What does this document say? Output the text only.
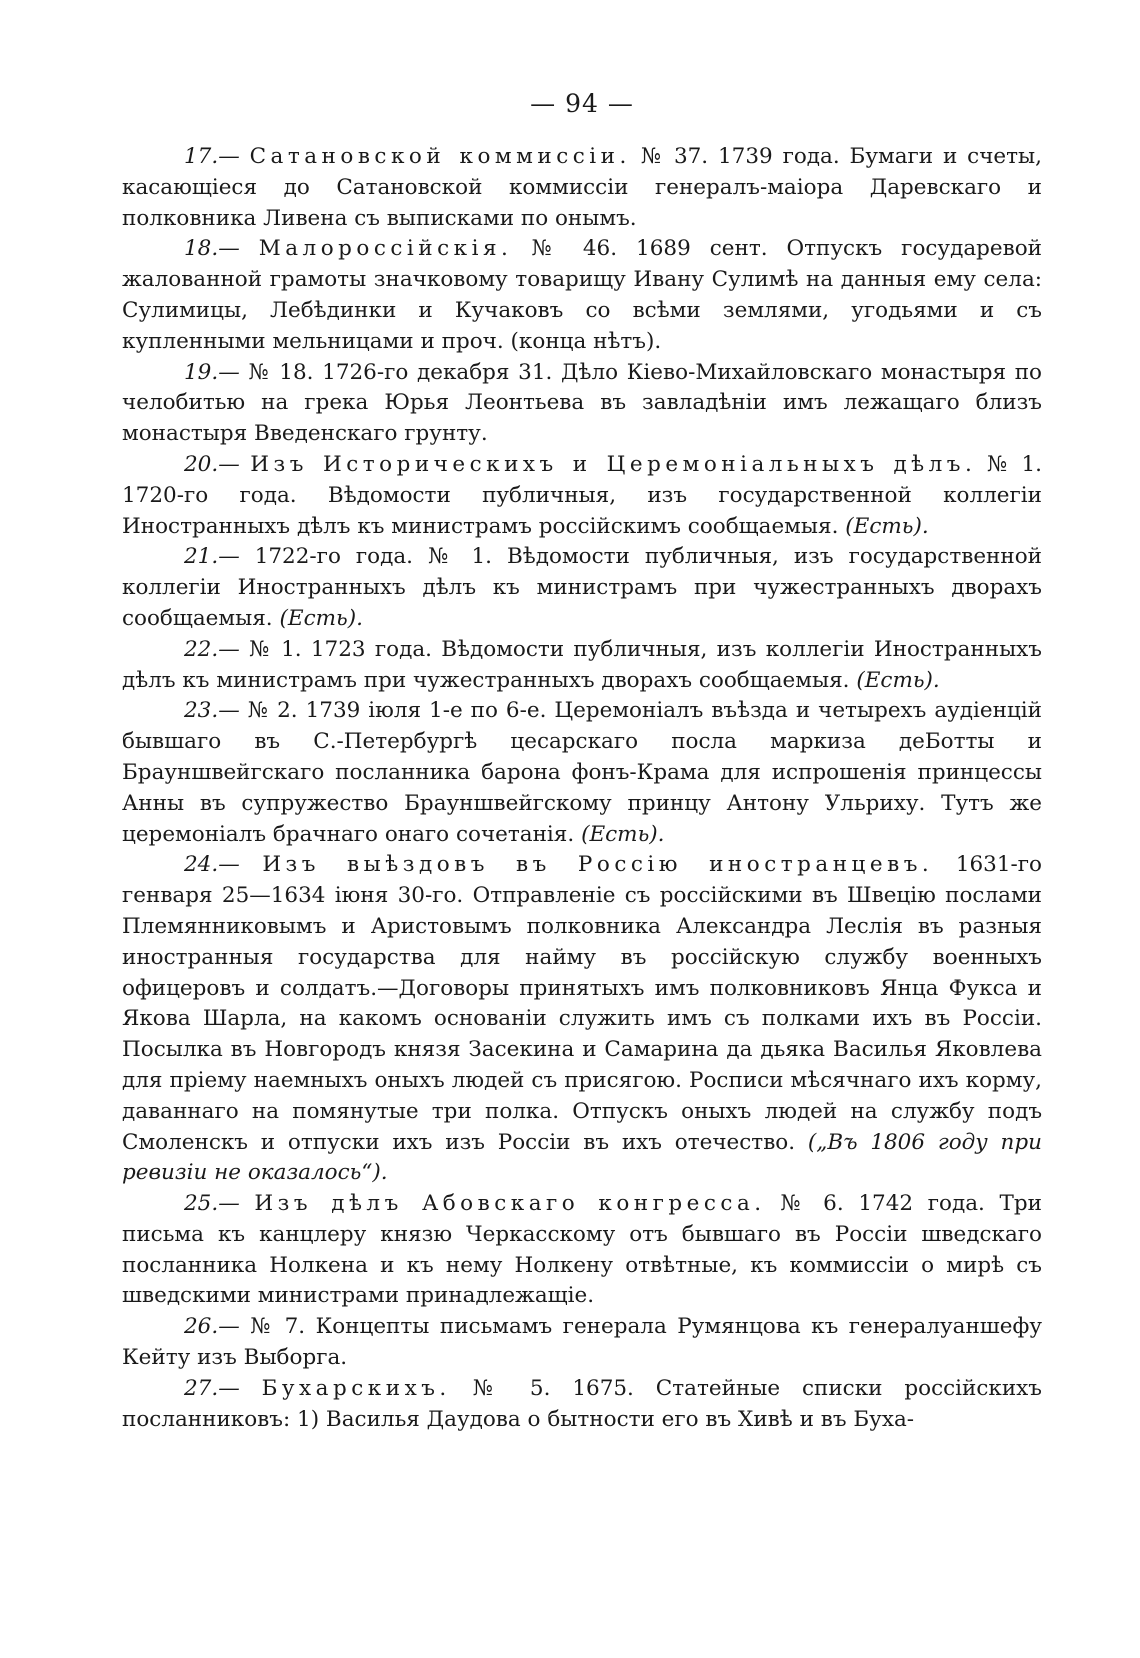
— 94 —

17.— Сатановской коммиссiи. № 37. 1739 года. Бумаги и счеты, касающiеся до Сатановской коммиссiи генералъ-маiора Даревскаго и полковника Ливена съ выписками по онымъ.

18.— Малороссiйскiя. № 46. 1689 сент. Отпускъ государевой жалованной грамоты значковому товарищу Ивану Сулимѣ на данныя ему села: Сулимицы, Лебѣдинки и Кучаковъ со всѣми землями, угодьями и съ купленными мельницами и проч. (конца нѣтъ).

19.— № 18. 1726-го декабря 31. Дѣло Кiево-Михайловскаго монастыря по челобитью на грека Юрья Леонтьева въ завладѣнiи имъ лежащаго близъ монастыря Введенскаго грунту.

20.— Изъ Историческихъ и Церемонiальныхъ дѣлъ. № 1. 1720-го года. Вѣдомости публичныя, изъ государственной коллегiи Иностранныхъ дѣлъ къ министрамъ россiйскимъ сообщаемыя. (Есть).

21.— 1722-го года. № 1. Вѣдомости публичныя, изъ государственной коллегiи Иностранныхъ дѣлъ къ министрамъ при чужестранныхъ дворахъ сообщаемыя. (Есть).

22.— № 1. 1723 года. Вѣдомости публичныя, изъ коллегiи Иностранныхъ дѣлъ къ министрамъ при чужестранныхъ дворахъ сообщаемыя. (Есть).

23.— № 2. 1739 iюля 1-е по 6-е. Церемонiалъ въѣзда и четырехъ аудiенцiй бывшаго въ С.-Петербургѣ цесарскаго посла маркиза деБотты и Брауншвейгскаго посланника барона фонъ-Крама для испрошенiя принцессы Анны въ супружество Брауншвейгскому принцу Антону Ульриху. Тутъ же церемонiалъ брачнаго онаго сочетанiя. (Есть).

24.— Изъ выѣздовъ въ Россiю иностранцевъ. 1631-го генваря 25—1634 iюня 30-го. Отправленiе съ россiйскими въ Швецiю послами Племянниковымъ и Аристовымъ полковника Александра Леслiя въ разныя иностранныя государства для найму въ россiйскую службу военныхъ офицеровъ и солдатъ.—Договоры принятыхъ имъ полковниковъ Янца Фукса и Якова Шарла, на какомъ основанiи служить имъ съ полками ихъ въ Россiи. Посылка въ Новгородъ князя Засекина и Самарина да дьяка Василья Яковлева для прiему наемныхъ оныхъ людей съ присягою. Росписи мѣсячнаго ихъ корму, даваннаго на помянутые три полка. Отпускъ оныхъ людей на службу подъ Смоленскъ и отпуски ихъ изъ Россiи въ ихъ отечество. („Въ 1806 году при ревизiи не оказалось“).

25.— Изъ дѣлъ Абовскаго конгресса. № 6. 1742 года. Три письма къ канцлеру князю Черкасскому отъ бывшаго въ Россiи шведскаго посланника Нолкена и къ нему Нолкену отвѣтные, къ коммиссiи о мирѣ съ шведскими министрами принадлежащiе.

26.— № 7. Концепты письмамъ генерала Румянцова къ генералуаншефу Кейту изъ Выборга.

27.— Бухарскихъ. № 5. 1675. Статейные списки россiйскихъ посланниковъ: 1) Василья Даудова о бытности его въ Хивѣ и въ Буха-
